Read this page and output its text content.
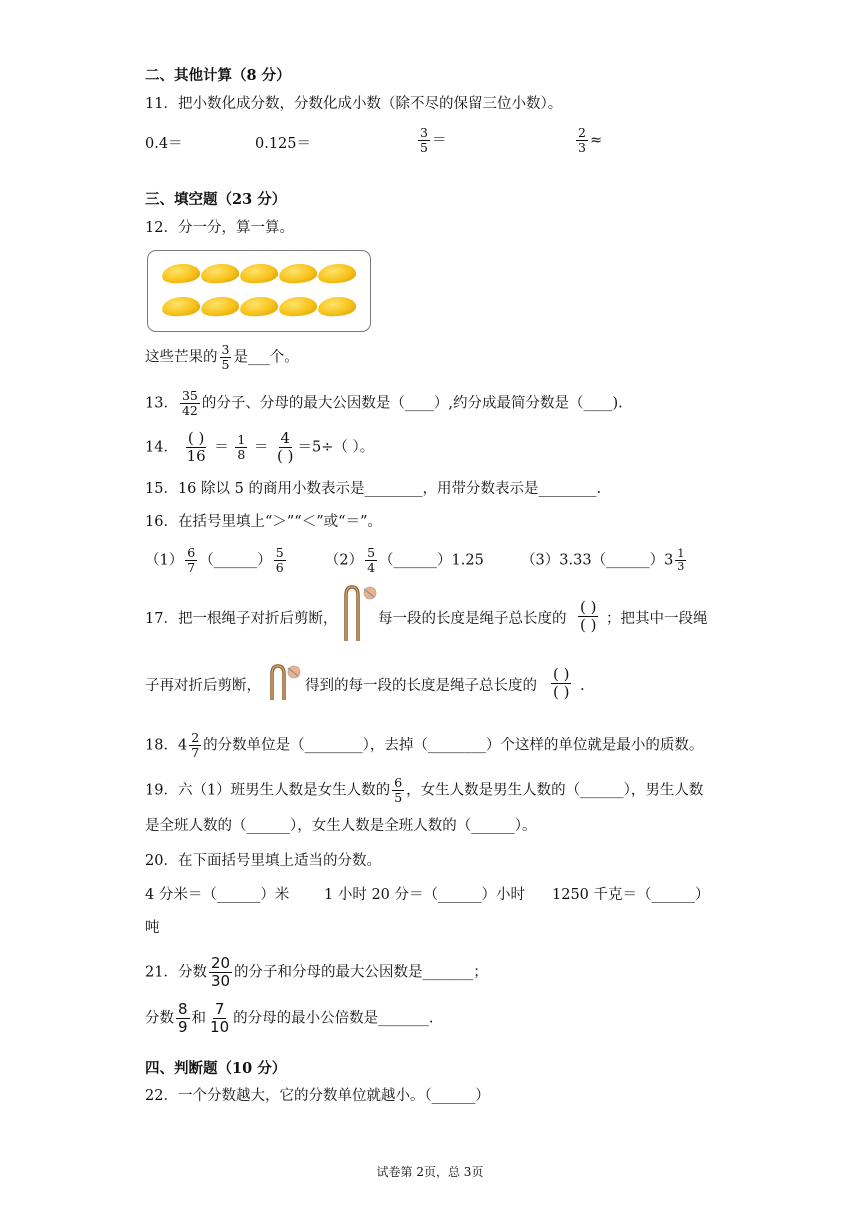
二、其他计算（8 分）
11．把小数化成分数，分数化成小数（除不尽的保留三位小数）。
0.4＝	0.125＝	$\frac{3}{5}$ ＝	$\frac{2}{3}$ ≈
三、填空题（23 分）
12．分一分，算一算。
这些芒果的 $\frac{3}{5}$ 是___个。
13． $\frac{35}{42}$ 的分子、分母的最大公因数是（____）,约分成最简分数是（____).
14． $\frac{( )}{16} = \frac{1}{8} = \frac{4}{( )} =5\div$（ ）。
15．16 除以 5 的商用小数表示是________，用带分数表示是________.
16．在括号里填上“＞”“＜”或“＝”。
$(1) \frac{6}{7}$ （______） $\frac{5}{6}$	$(2) \frac{5}{4}$ （______）1.25	（3）3.33（______）3 $\frac{1}{3}$
17．把一根绳子对折后剪断，	每一段的长度是绳子总长度的 $\frac{( )}{( )}$ ；把其中一段绳
子再对折后剪断，	得到的每一段的长度是绳子总长度的 $\frac{( )}{( )}$ .
18．$4 \frac{2}{7}$ 的分数单位是（________），去掉（________）个这样的单位就是最小的质数。
19．六（1）班男生人数是女生人数的 $\frac{6}{5}$ ，女生人数是男生人数的（______），男生人数
是全班人数的（______），女生人数是全班人数的（______）。
20．在下面括号里填上适当的分数。
4 分米＝（______）米 1 小时 20 分＝（______）小时 1250 千克＝（______）
吨
21．分数 $\frac{20}{30}$ 的分子和分母的最大公因数是_______；
分数 $\frac{8}{9}$ 和 $\frac{7}{10}$ 的分母的最小公倍数是_______.
四、判断题（10 分）
22．一个分数越大，它的分数单位就越小。（______）
试卷第 2页，总 3页
